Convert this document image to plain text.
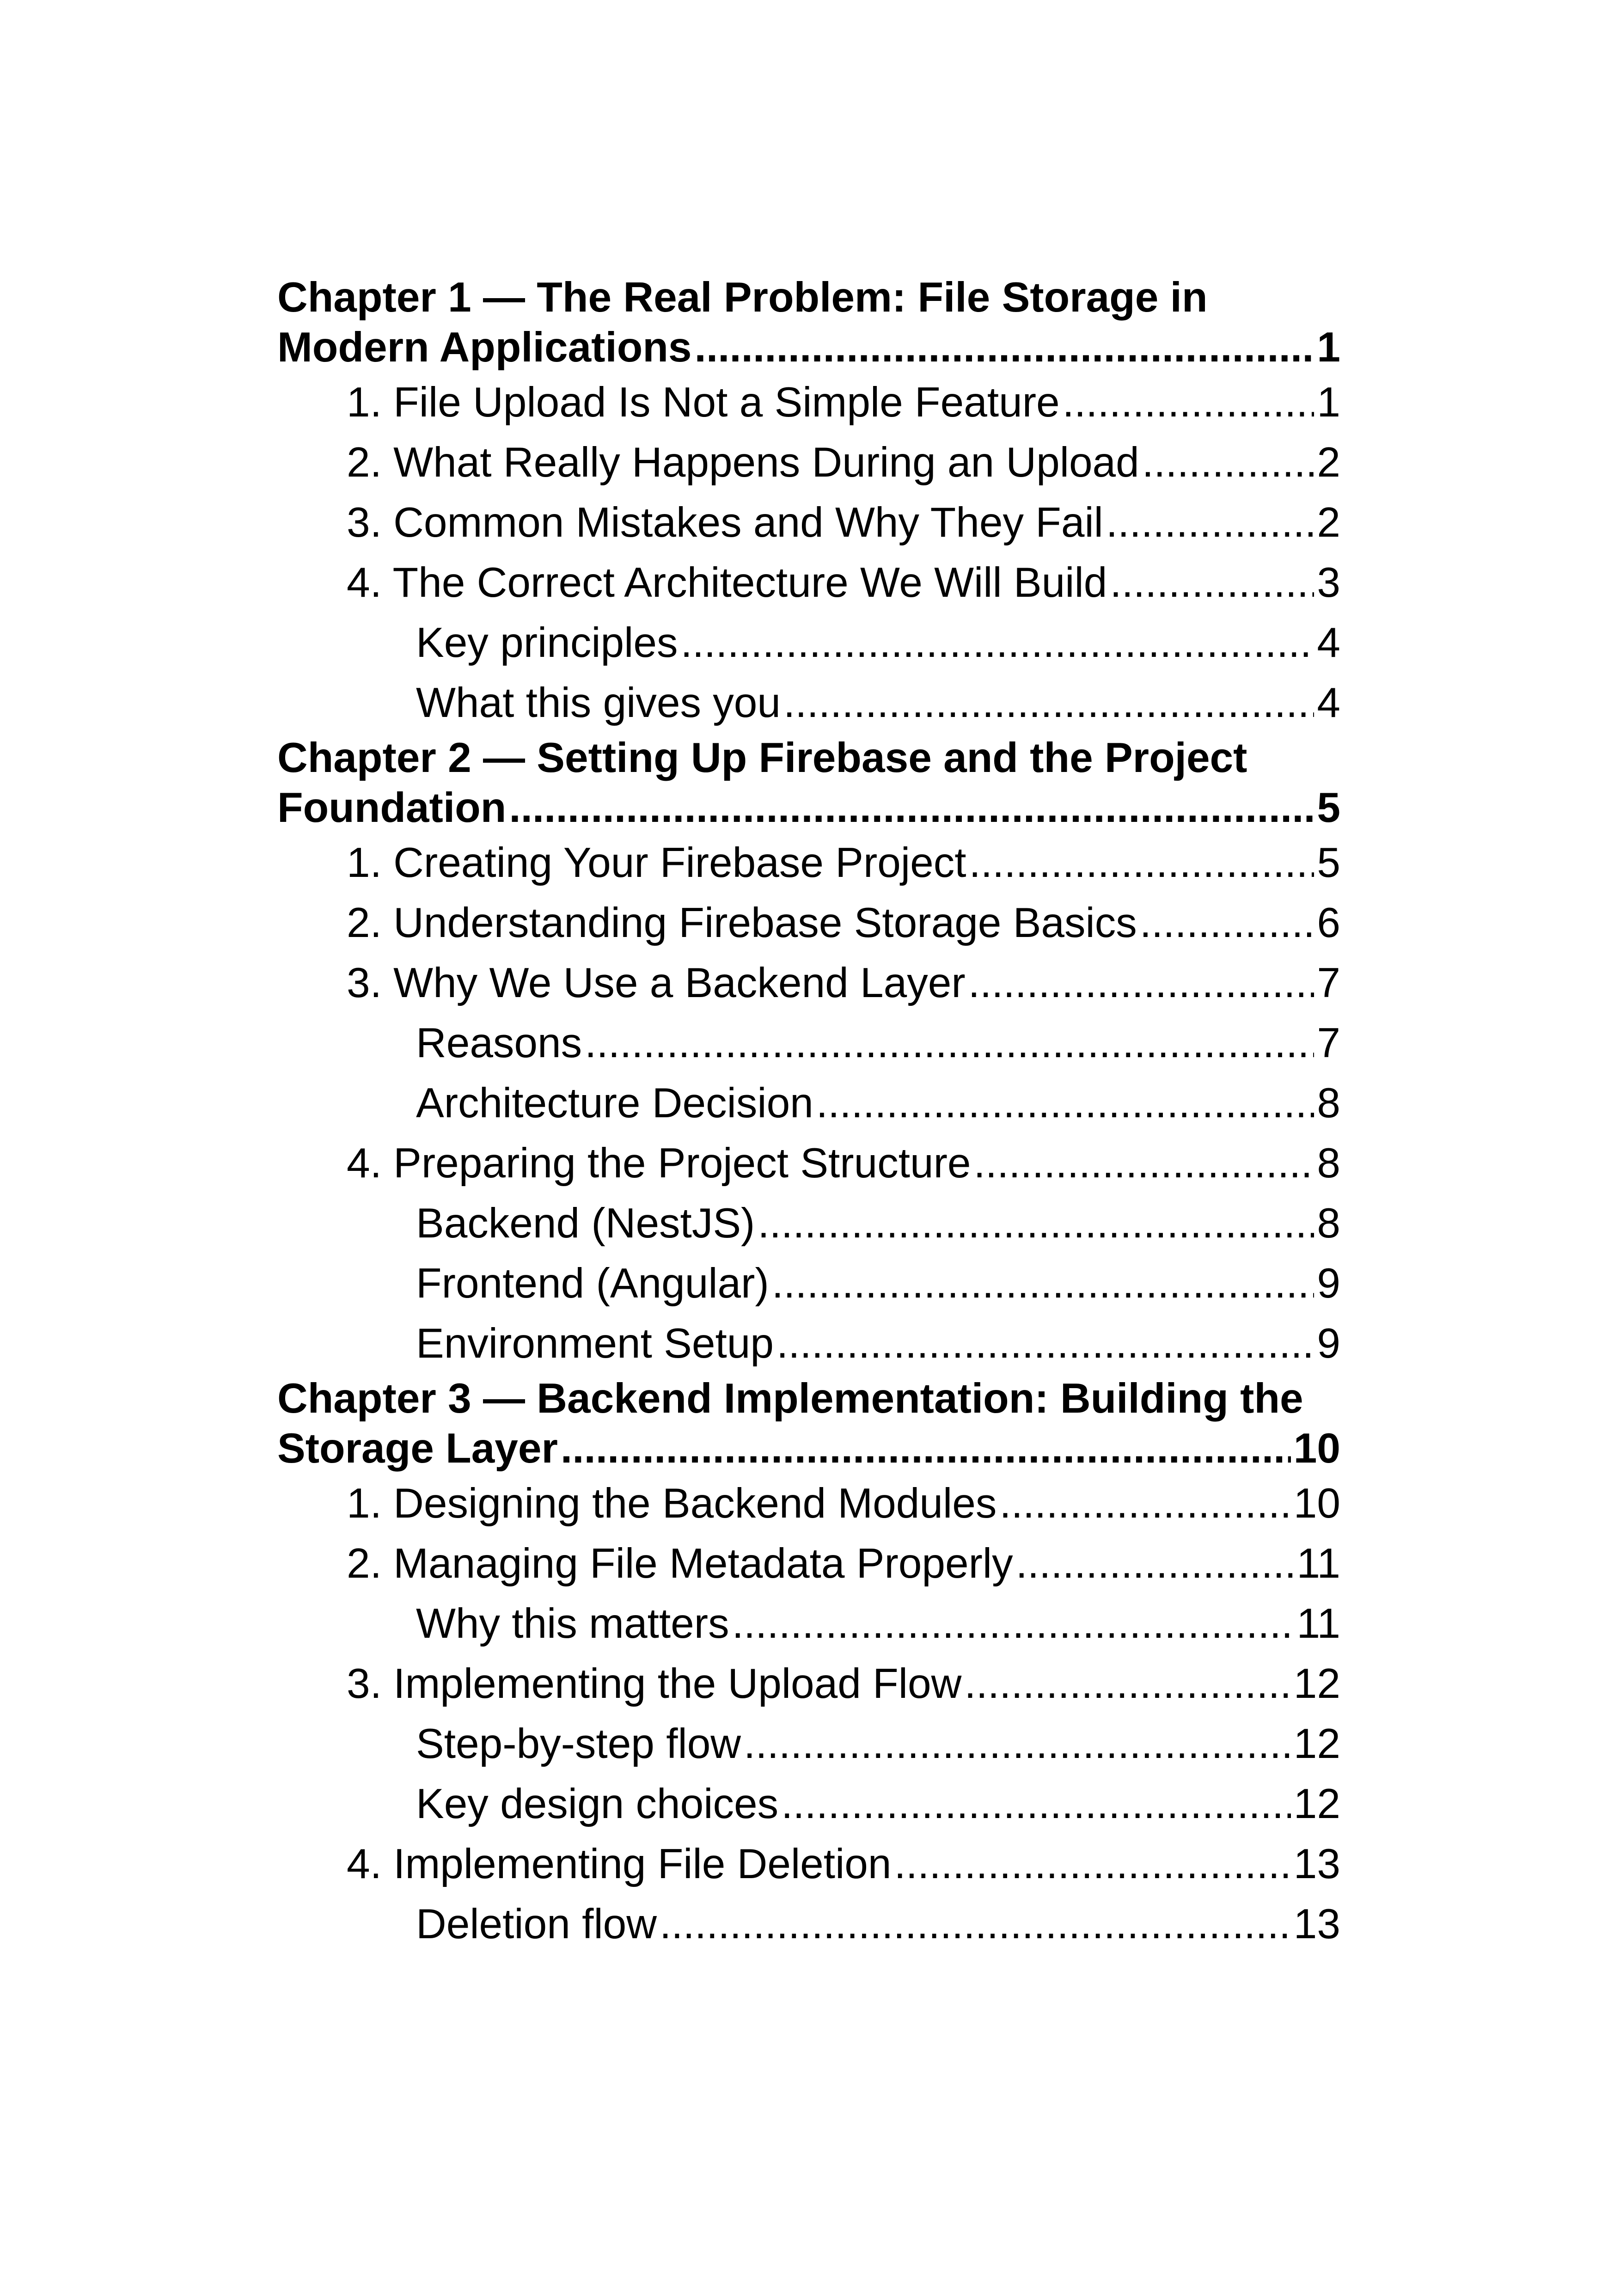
Chapter 1 — The Real Problem: File Storage in
Modern Applications .....	1
1. File Upload Is Not a Simple Feature .....	1
2. What Really Happens During an Upload .....	2
3. Common Mistakes and Why They Fail .....	2
4. The Correct Architecture We Will Build .....	3
Key principles .....	4
What this gives you .....	4
Chapter 2 — Setting Up Firebase and the Project
Foundation .....	5
1. Creating Your Firebase Project .....	5
2. Understanding Firebase Storage Basics .....	6
3. Why We Use a Backend Layer .....	7
Reasons .....	7
Architecture Decision .....	8
4. Preparing the Project Structure .....	8
Backend (NestJS) .....	8
Frontend (Angular) .....	9
Environment Setup .....	9
Chapter 3 — Backend Implementation: Building the
Storage Layer .....	10
1. Designing the Backend Modules .....	10
2. Managing File Metadata Properly .....	11
Why this matters .....	11
3. Implementing the Upload Flow .....	12
Step-by-step flow .....	12
Key design choices .....	12
4. Implementing File Deletion .....	13
Deletion flow .....	13
